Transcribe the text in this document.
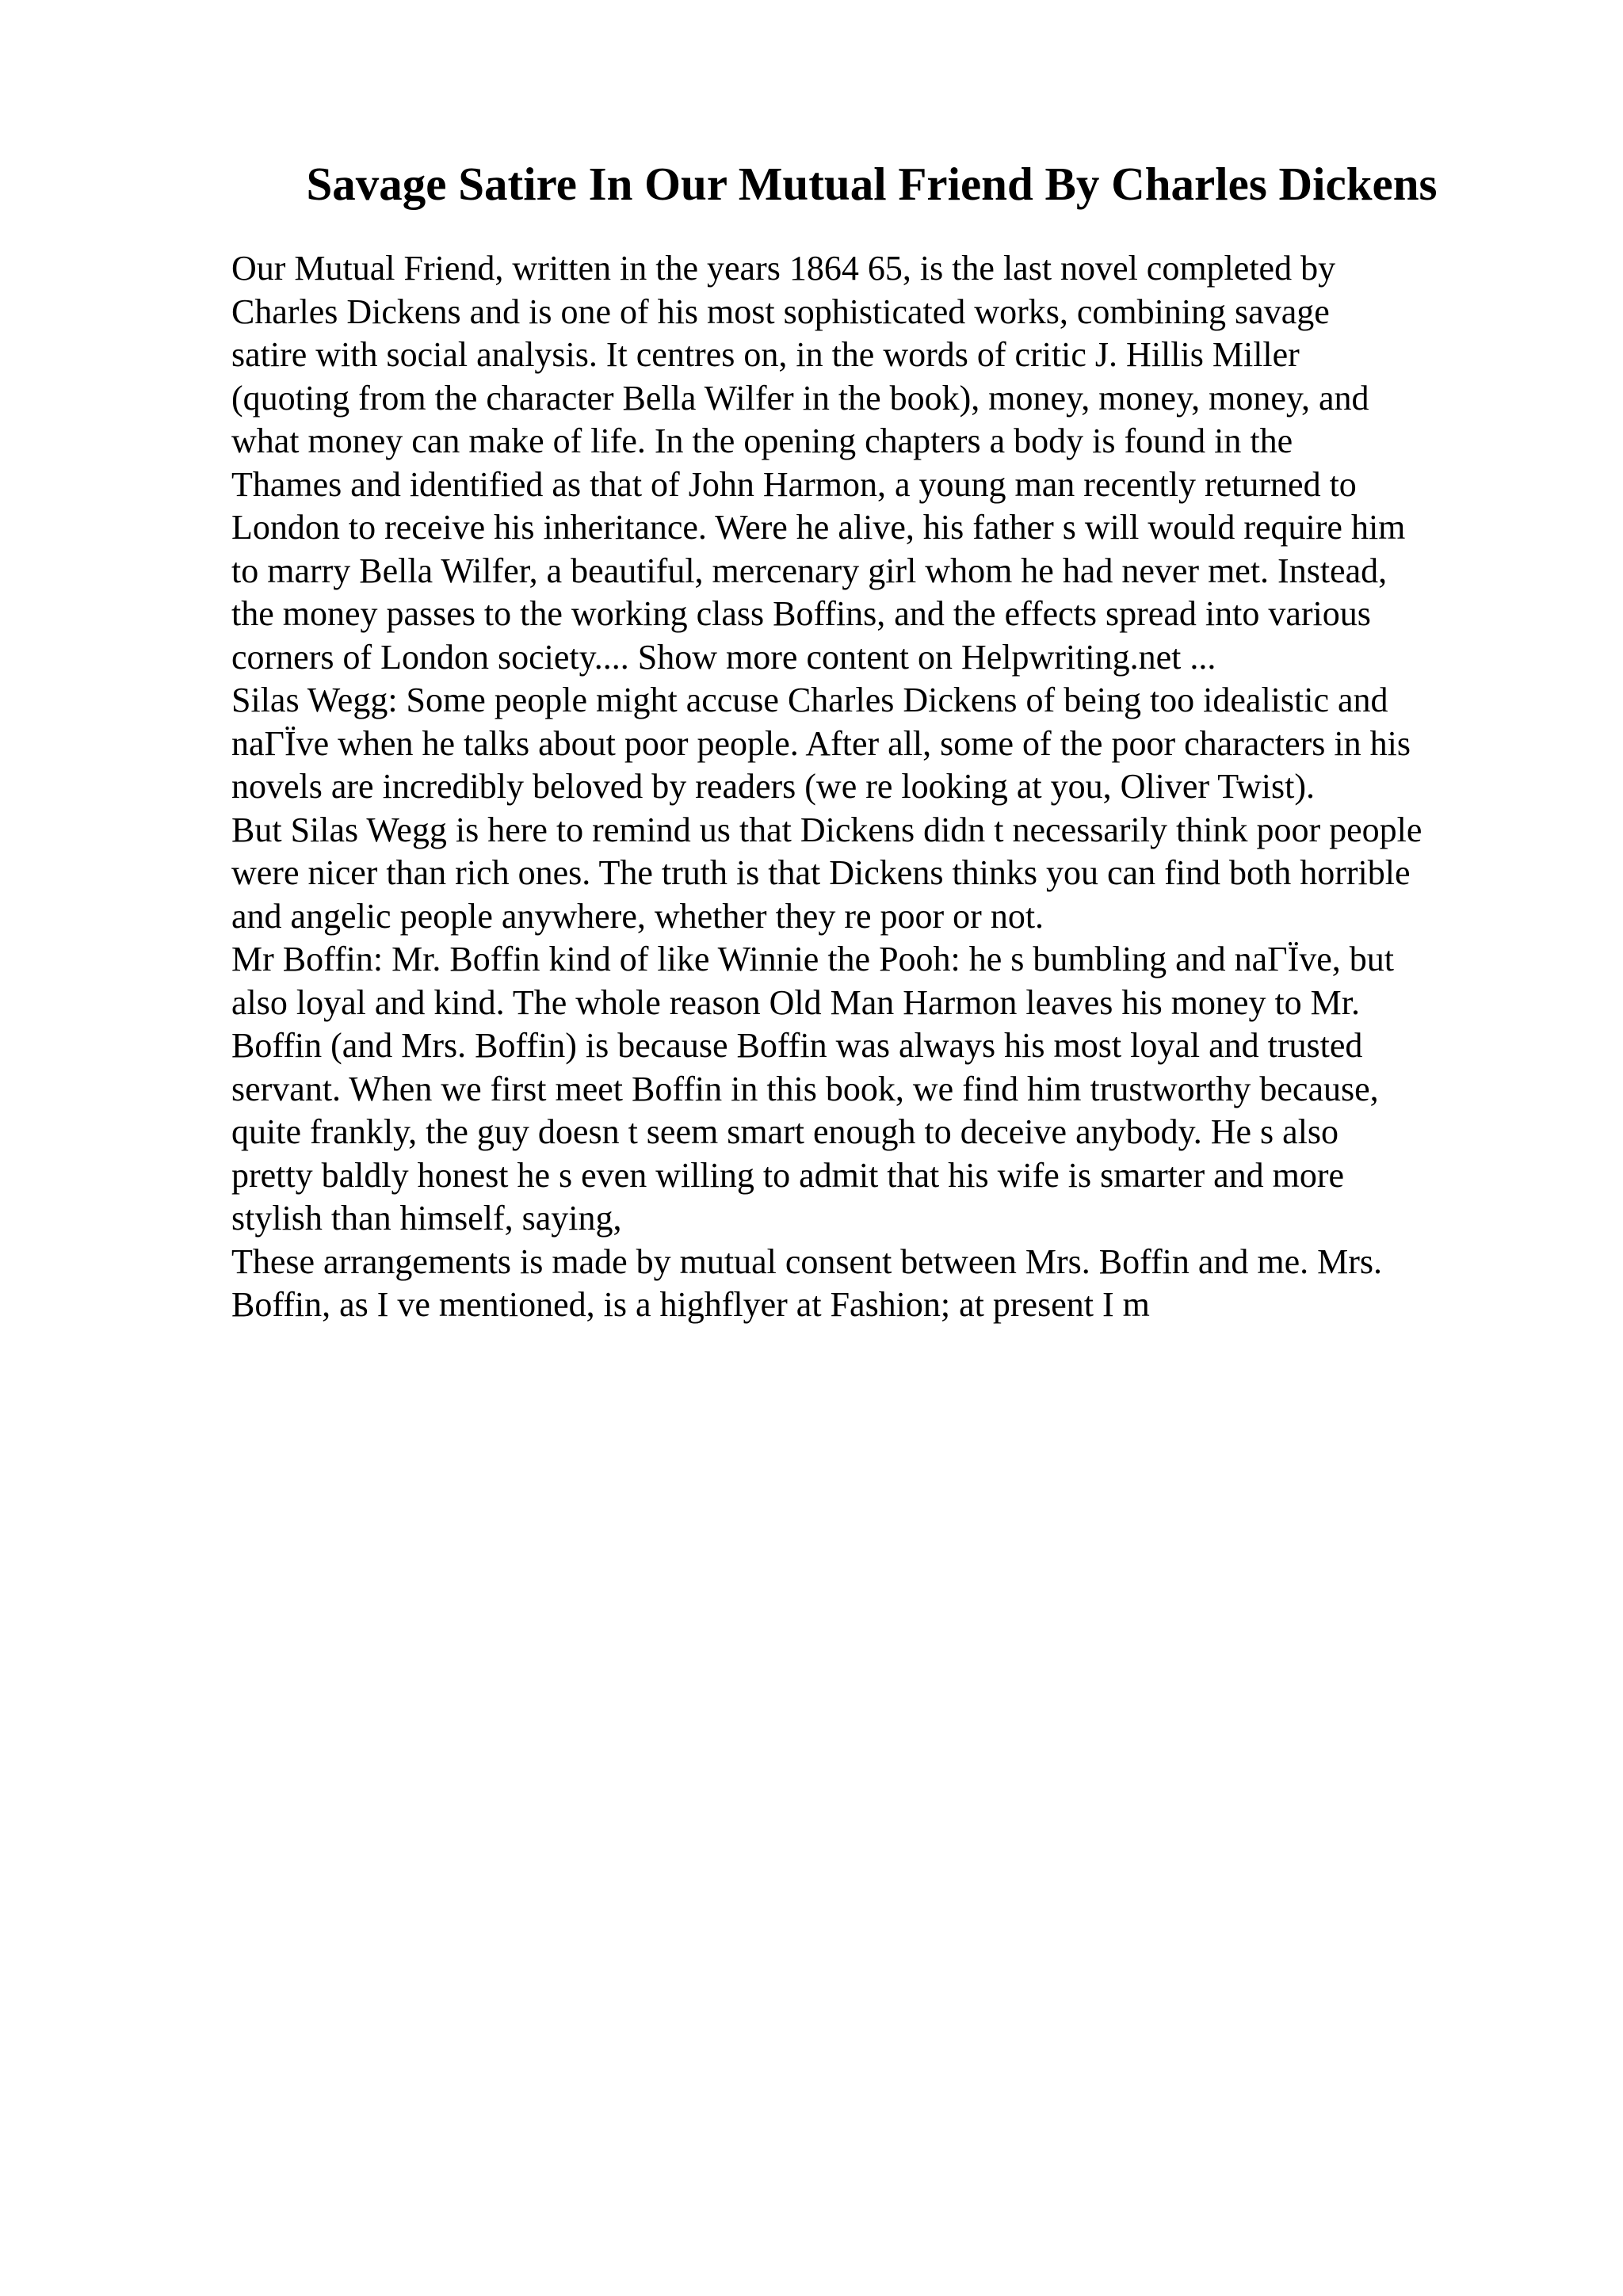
Savage Satire In Our Mutual Friend By Charles Dickens
Our Mutual Friend, written in the years 1864 65, is the last novel completed by
Charles Dickens and is one of his most sophisticated works, combining savage
satire with social analysis. It centres on, in the words of critic J. Hillis Miller
(quoting from the character Bella Wilfer in the book), money, money, money, and
what money can make of life. In the opening chapters a body is found in the
Thames and identified as that of John Harmon, a young man recently returned to
London to receive his inheritance. Were he alive, his father s will would require him
to marry Bella Wilfer, a beautiful, mercenary girl whom he had never met. Instead,
the money passes to the working class Boffins, and the effects spread into various
corners of London society.... Show more content on Helpwriting.net ...
Silas Wegg: Some people might accuse Charles Dickens of being too idealistic and
naГЇve when he talks about poor people. After all, some of the poor characters in his
novels are incredibly beloved by readers (we re looking at you, Oliver Twist).
But Silas Wegg is here to remind us that Dickens didn t necessarily think poor people
were nicer than rich ones. The truth is that Dickens thinks you can find both horrible
and angelic people anywhere, whether they re poor or not.
Mr Boffin: Mr. Boffin kind of like Winnie the Pooh: he s bumbling and naГЇve, but
also loyal and kind. The whole reason Old Man Harmon leaves his money to Mr.
Boffin (and Mrs. Boffin) is because Boffin was always his most loyal and trusted
servant. When we first meet Boffin in this book, we find him trustworthy because,
quite frankly, the guy doesn t seem smart enough to deceive anybody. He s also
pretty baldly honest he s even willing to admit that his wife is smarter and more
stylish than himself, saying,
These arrangements is made by mutual consent between Mrs. Boffin and me. Mrs.
Boffin, as I ve mentioned, is a highflyer at Fashion; at present I m
